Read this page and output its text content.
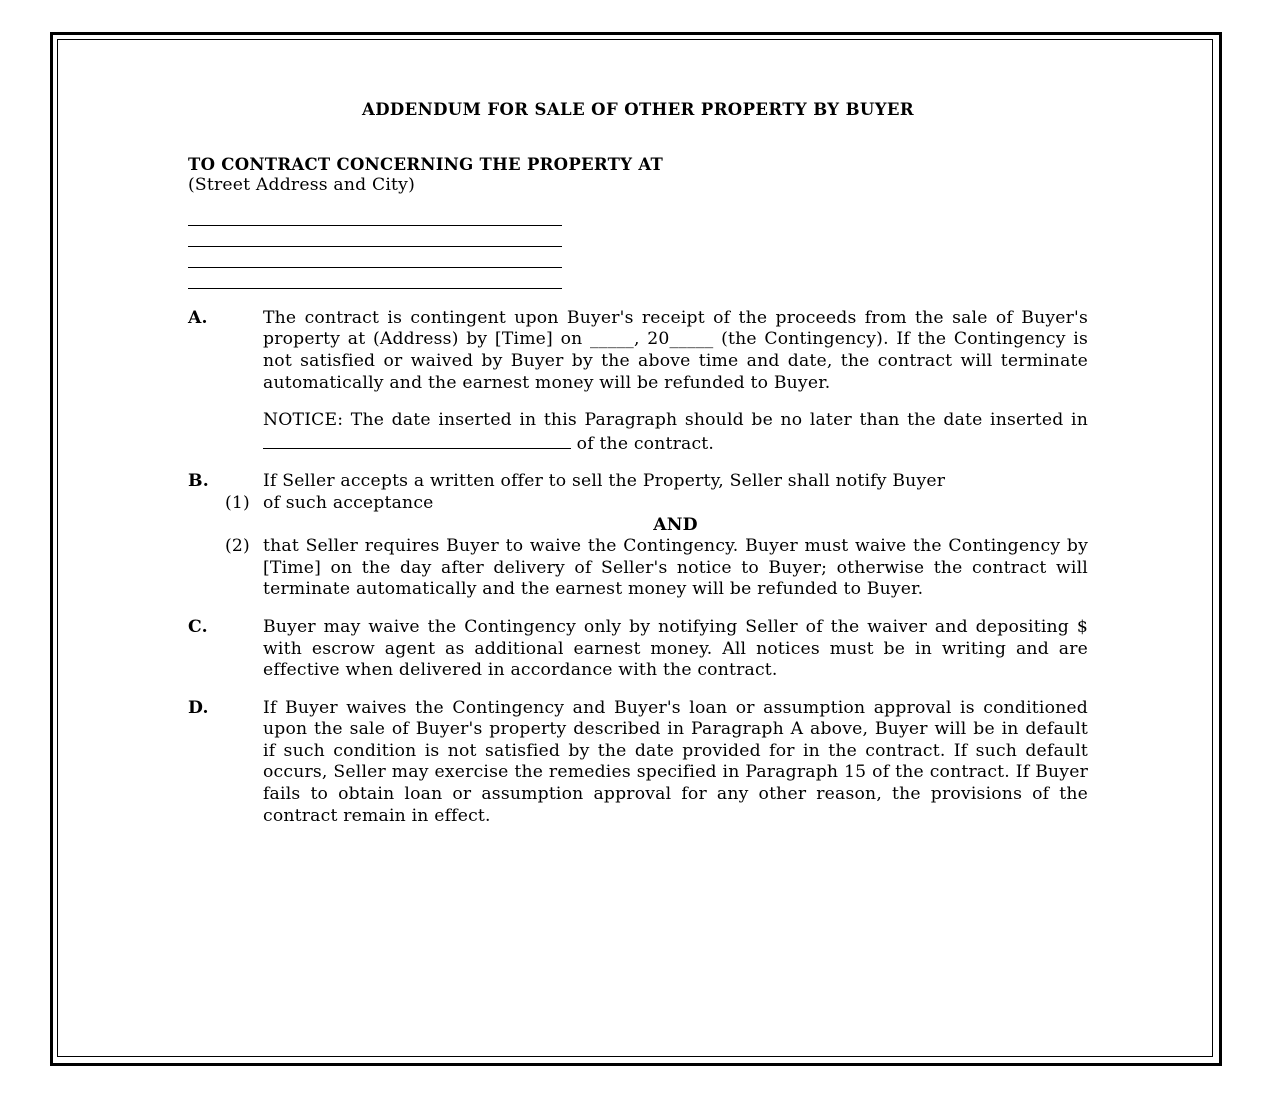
ADDENDUM FOR SALE OF OTHER PROPERTY BY BUYER
TO CONTRACT CONCERNING THE PROPERTY AT
(Street Address and City)
A.	The contract is contingent upon Buyer's receipt of the proceeds from the sale of Buyer's property at (Address) by [Time] on _____, 20_____ (the Contingency). If the Contingency is not satisfied or waived by Buyer by the above time and date, the contract will terminate automatically and the earnest money will be refunded to Buyer.

NOTICE: The date inserted in this Paragraph should be no later than the date inserted in  of the contract.

B.	If Seller accepts a written offer to sell the Property, Seller shall notify Buyer

(1) of such acceptance
AND
(2) that Seller requires Buyer to waive the Contingency. Buyer must waive the Contingency by [Time] on the day after delivery of Seller's notice to Buyer; otherwise the contract will terminate automatically and the earnest money will be refunded to Buyer.
C.	Buyer may waive the Contingency only by notifying Seller of the waiver and depositing $ with escrow agent as additional earnest money. All notices must be in writing and are effective when delivered in accordance with the contract.

D.	If Buyer waives the Contingency and Buyer's loan or assumption approval is conditioned upon the sale of Buyer's property described in Paragraph A above, Buyer will be in default if such condition is not satisfied by the date provided for in the contract. If such default occurs, Seller may exercise the remedies specified in Paragraph 15 of the contract. If Buyer fails to obtain loan or assumption approval for any other reason, the provisions of the contract remain in effect.
